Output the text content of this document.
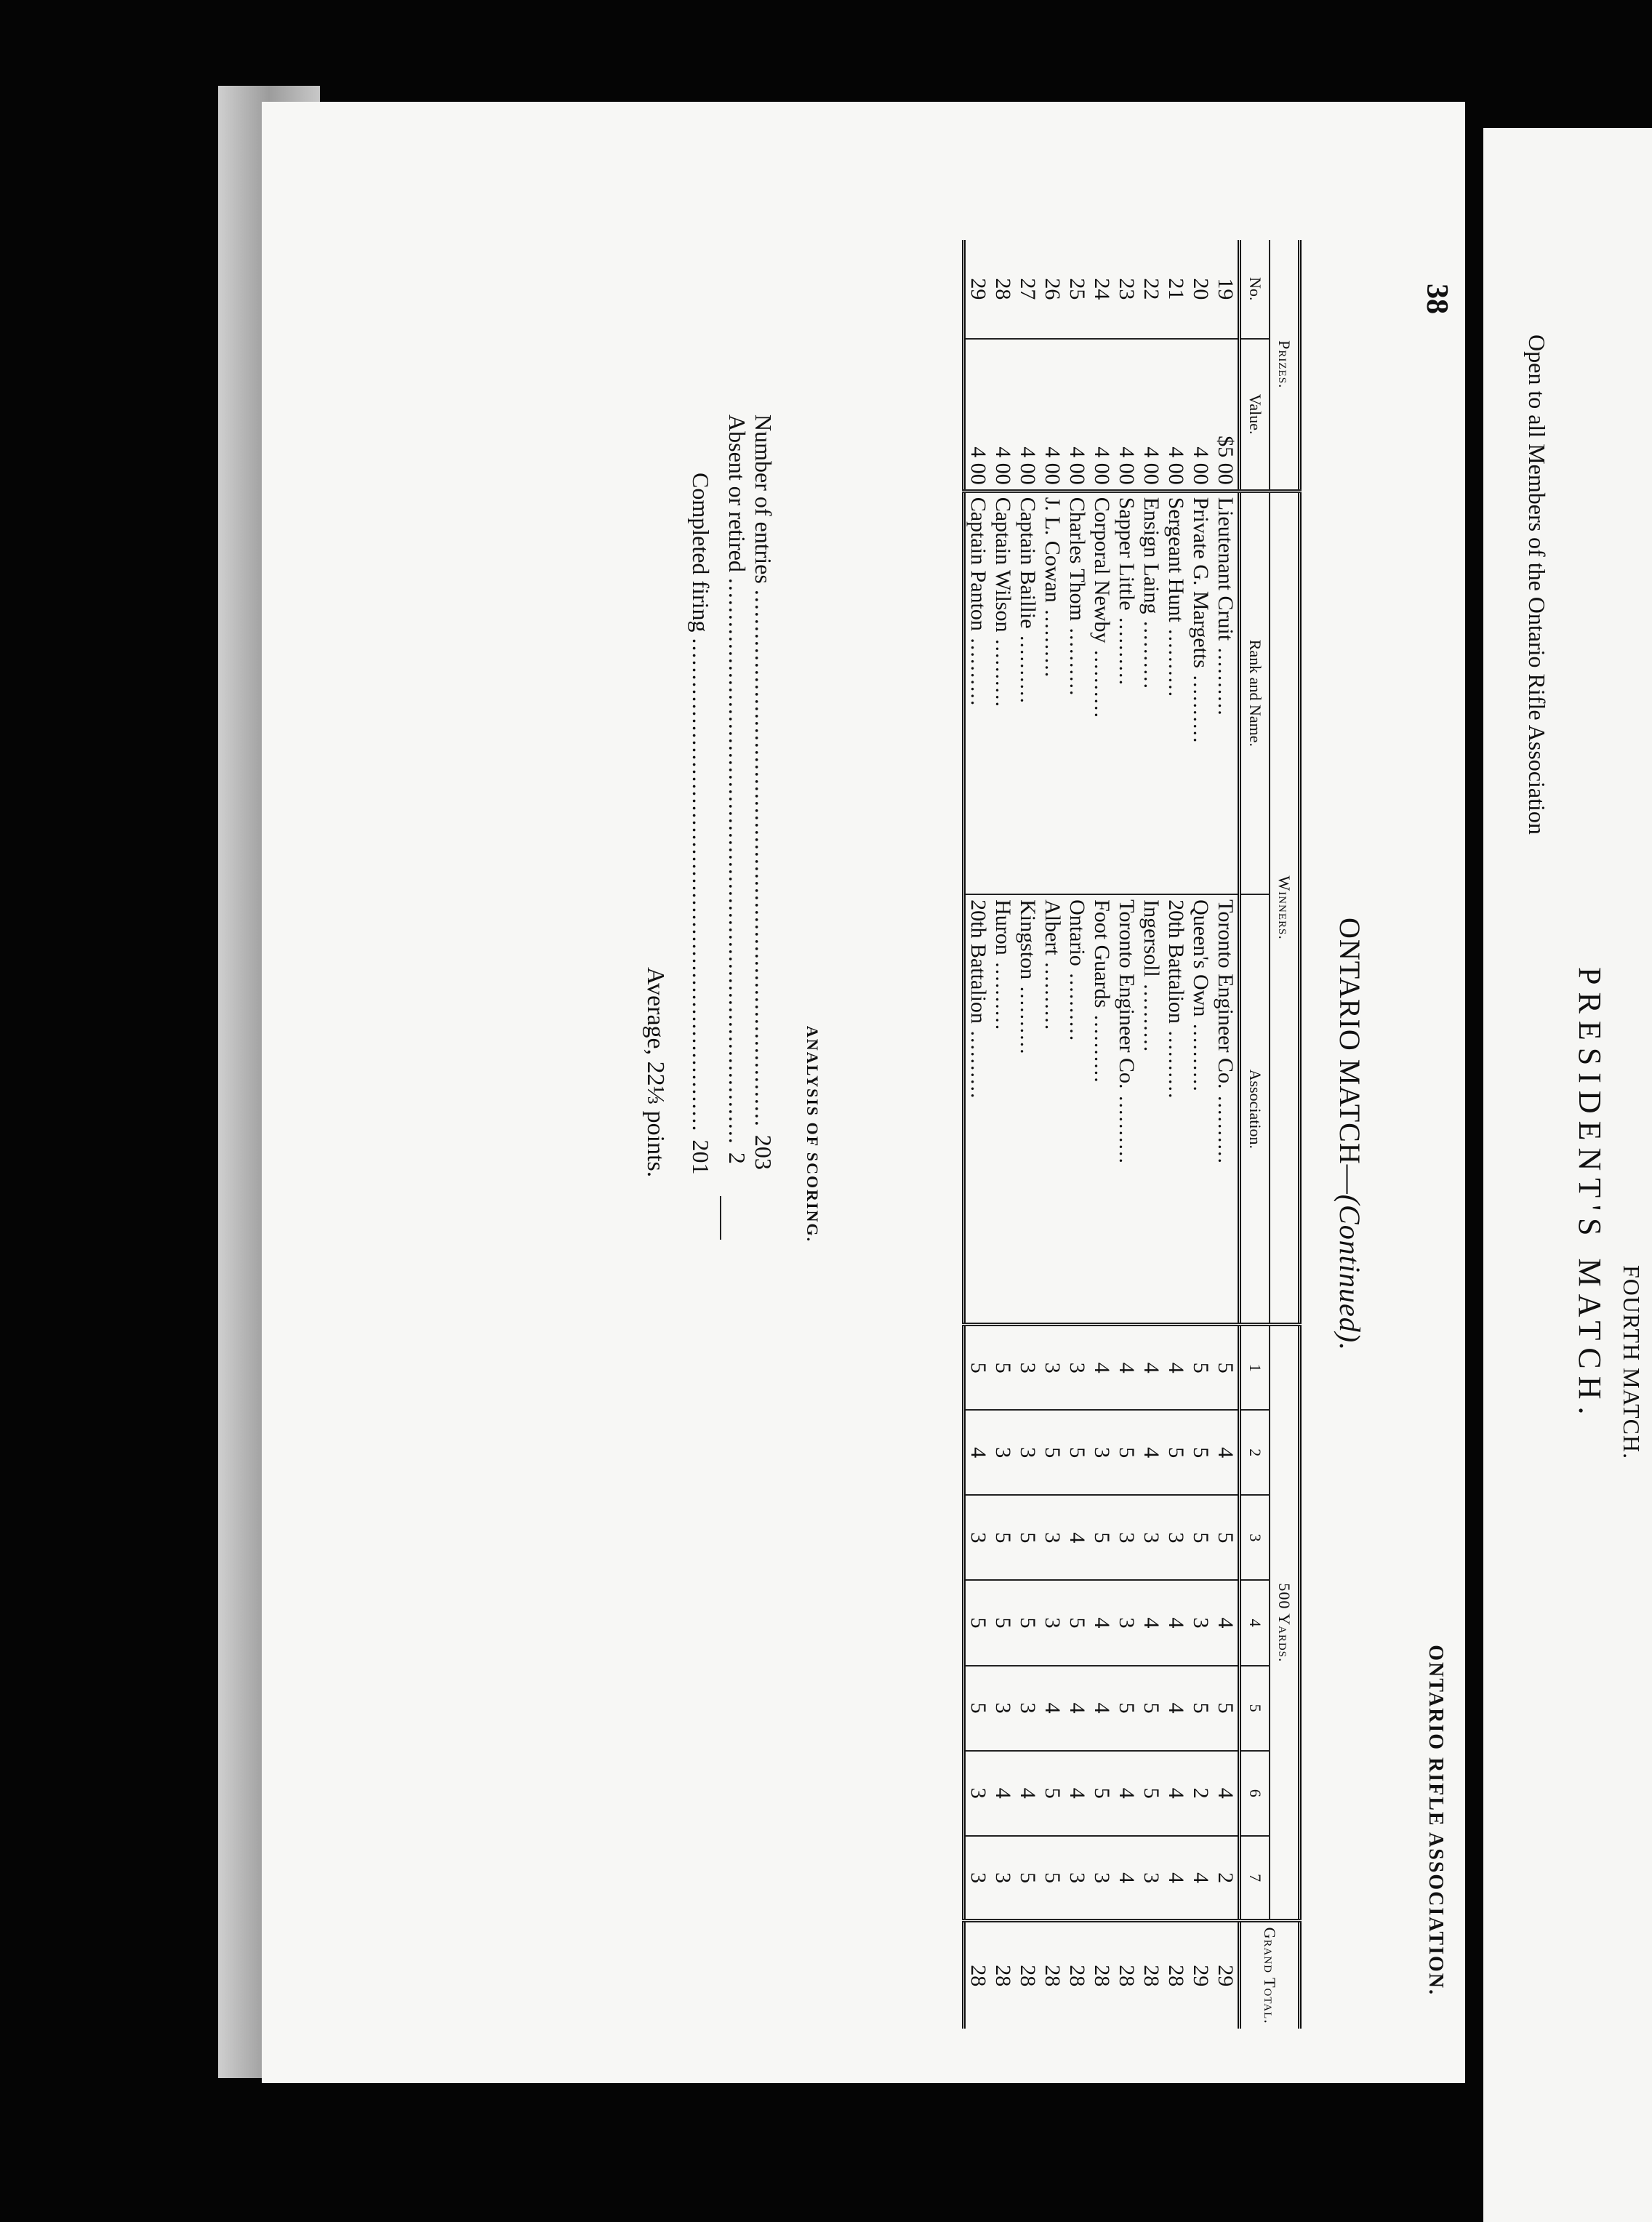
38
ONTARIO RIFLE ASSOCIATION.
ONTARIO MATCH—(Continued).
Prizes.		Winners.		500 Yards.							Grand Total.
No.	Value.	Rank and Name.	Association.	1	2	3	4	5	6	7	
19	$5 00	Lieutenant Cruit ..........	Toronto Engineer Co. ..........	5	4	5	4	5	4	2	29
20	4 00	Private G. Margetts ..........	Queen's Own ..........	5	5	5	3	5	2	4	29
21	4 00	Sergeant Hunt ..........	20th Battalion ..........	4	5	3	4	4	4	4	28
22	4 00	Ensign Laing ..........	Ingersoll ..........	4	4	3	4	5	5	3	28
23	4 00	Sapper Little ..........	Toronto Engineer Co. ..........	4	5	3	3	5	4	4	28
24	4 00	Corporal Newby ..........	Foot Guards ..........	4	3	5	4	4	5	3	28
25	4 00	Charles Thom ..........	Ontario ..........	3	5	4	5	4	4	3	28
26	4 00	J. L. Cowan ..........	Albert ..........	3	5	3	3	4	5	5	28
27	4 00	Captain Baillie ..........	Kingston ..........	3	3	5	5	3	4	5	28
28	4 00	Captain Wilson ..........	Huron ..........	5	3	5	5	3	4	3	28
29	4 00	Captain Panton ..........	20th Battalion ..........	5	4	3	5	5	3	3	28

ANALYSIS OF SCORING.
Number of entries .......................................................................... 203
Absent or retired .............................................................................. 2
Completed firing .................................................................... 201
Average, 22⅓ points.
FOURTH MATCH.
PRESIDENT'S MATCH.
Open to all Members of the Ontario Rifle Association
